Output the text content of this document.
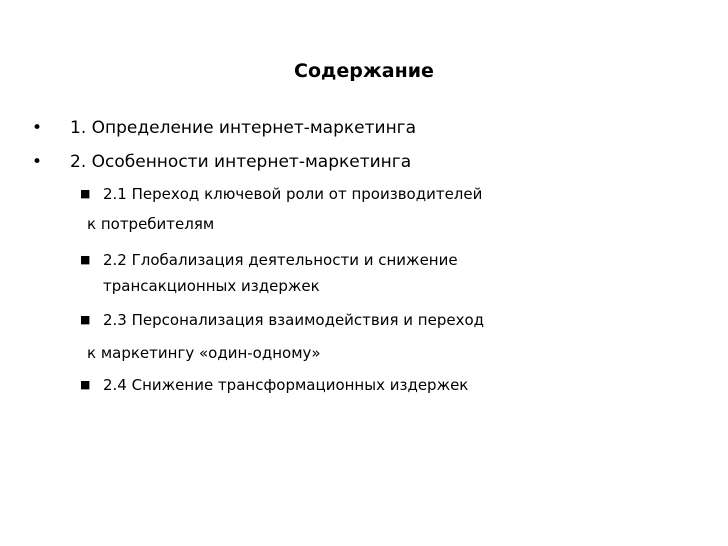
Содержание
• 1. Определение интернет-маркетинга
• 2. Особенности интернет-маркетинга
■ 2.1 Переход ключевой роли от производителей
к потребителям
■ 2.2 Глобализация деятельности и снижение
трансакционных издержек
■ 2.3 Персонализация взаимодействия и переход
к маркетингу «один-одному»
■ 2.4 Снижение трансформационных издержек
